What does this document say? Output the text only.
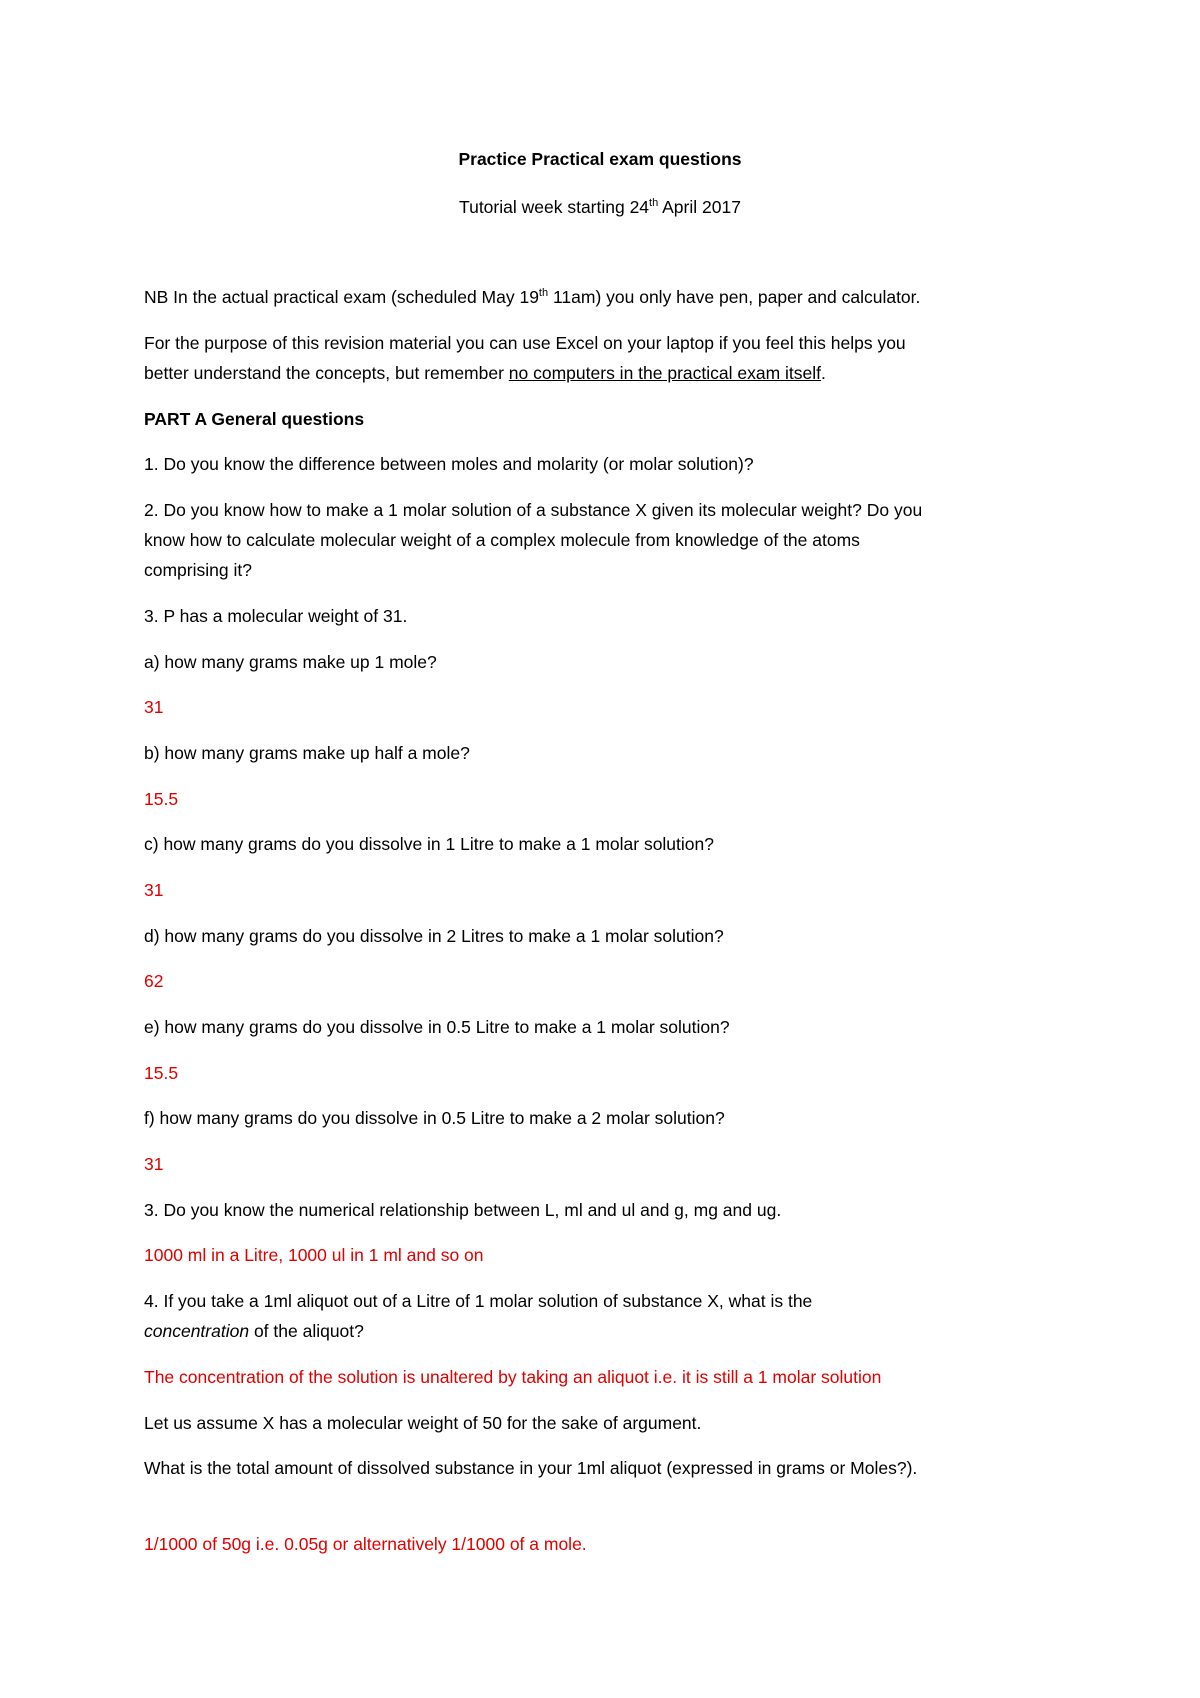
Practice Practical exam questions
Tutorial week starting 24th April 2017
NB In the actual practical exam (scheduled May 19th 11am) you only have pen, paper and calculator.
For the purpose of this revision material you can use Excel on your laptop if you feel this helps you
better understand the concepts, but remember no computers in the practical exam itself.
PART A General questions
1. Do you know the difference between moles and molarity (or molar solution)?
2. Do you know how to make a 1 molar solution of a substance X given its molecular weight? Do you
know how to calculate molecular weight of a complex molecule from knowledge of the atoms
comprising it?
3. P has a molecular weight of 31.
a) how many grams make up 1 mole?
31
b) how many grams make up half a mole?
15.5
c) how many grams do you dissolve in 1 Litre to make a 1 molar solution?
31
d) how many grams do you dissolve in 2 Litres to make a 1 molar solution?
62
e) how many grams do you dissolve in 0.5 Litre to make a 1 molar solution?
15.5
f) how many grams do you dissolve in 0.5 Litre to make a 2 molar solution?
31
3. Do you know the numerical relationship between L, ml and ul and g, mg and ug.
1000 ml in a Litre, 1000 ul in 1 ml and so on
4. If you take a 1ml aliquot out of a Litre of 1 molar solution of substance X, what is the
concentration of the aliquot?
The concentration of the solution is unaltered by taking an aliquot i.e. it is still a 1 molar solution
Let us assume X has a molecular weight of 50 for the sake of argument.
What is the total amount of dissolved substance in your 1ml aliquot (expressed in grams or Moles?).
1/1000 of 50g i.e. 0.05g or alternatively 1/1000 of a mole.
